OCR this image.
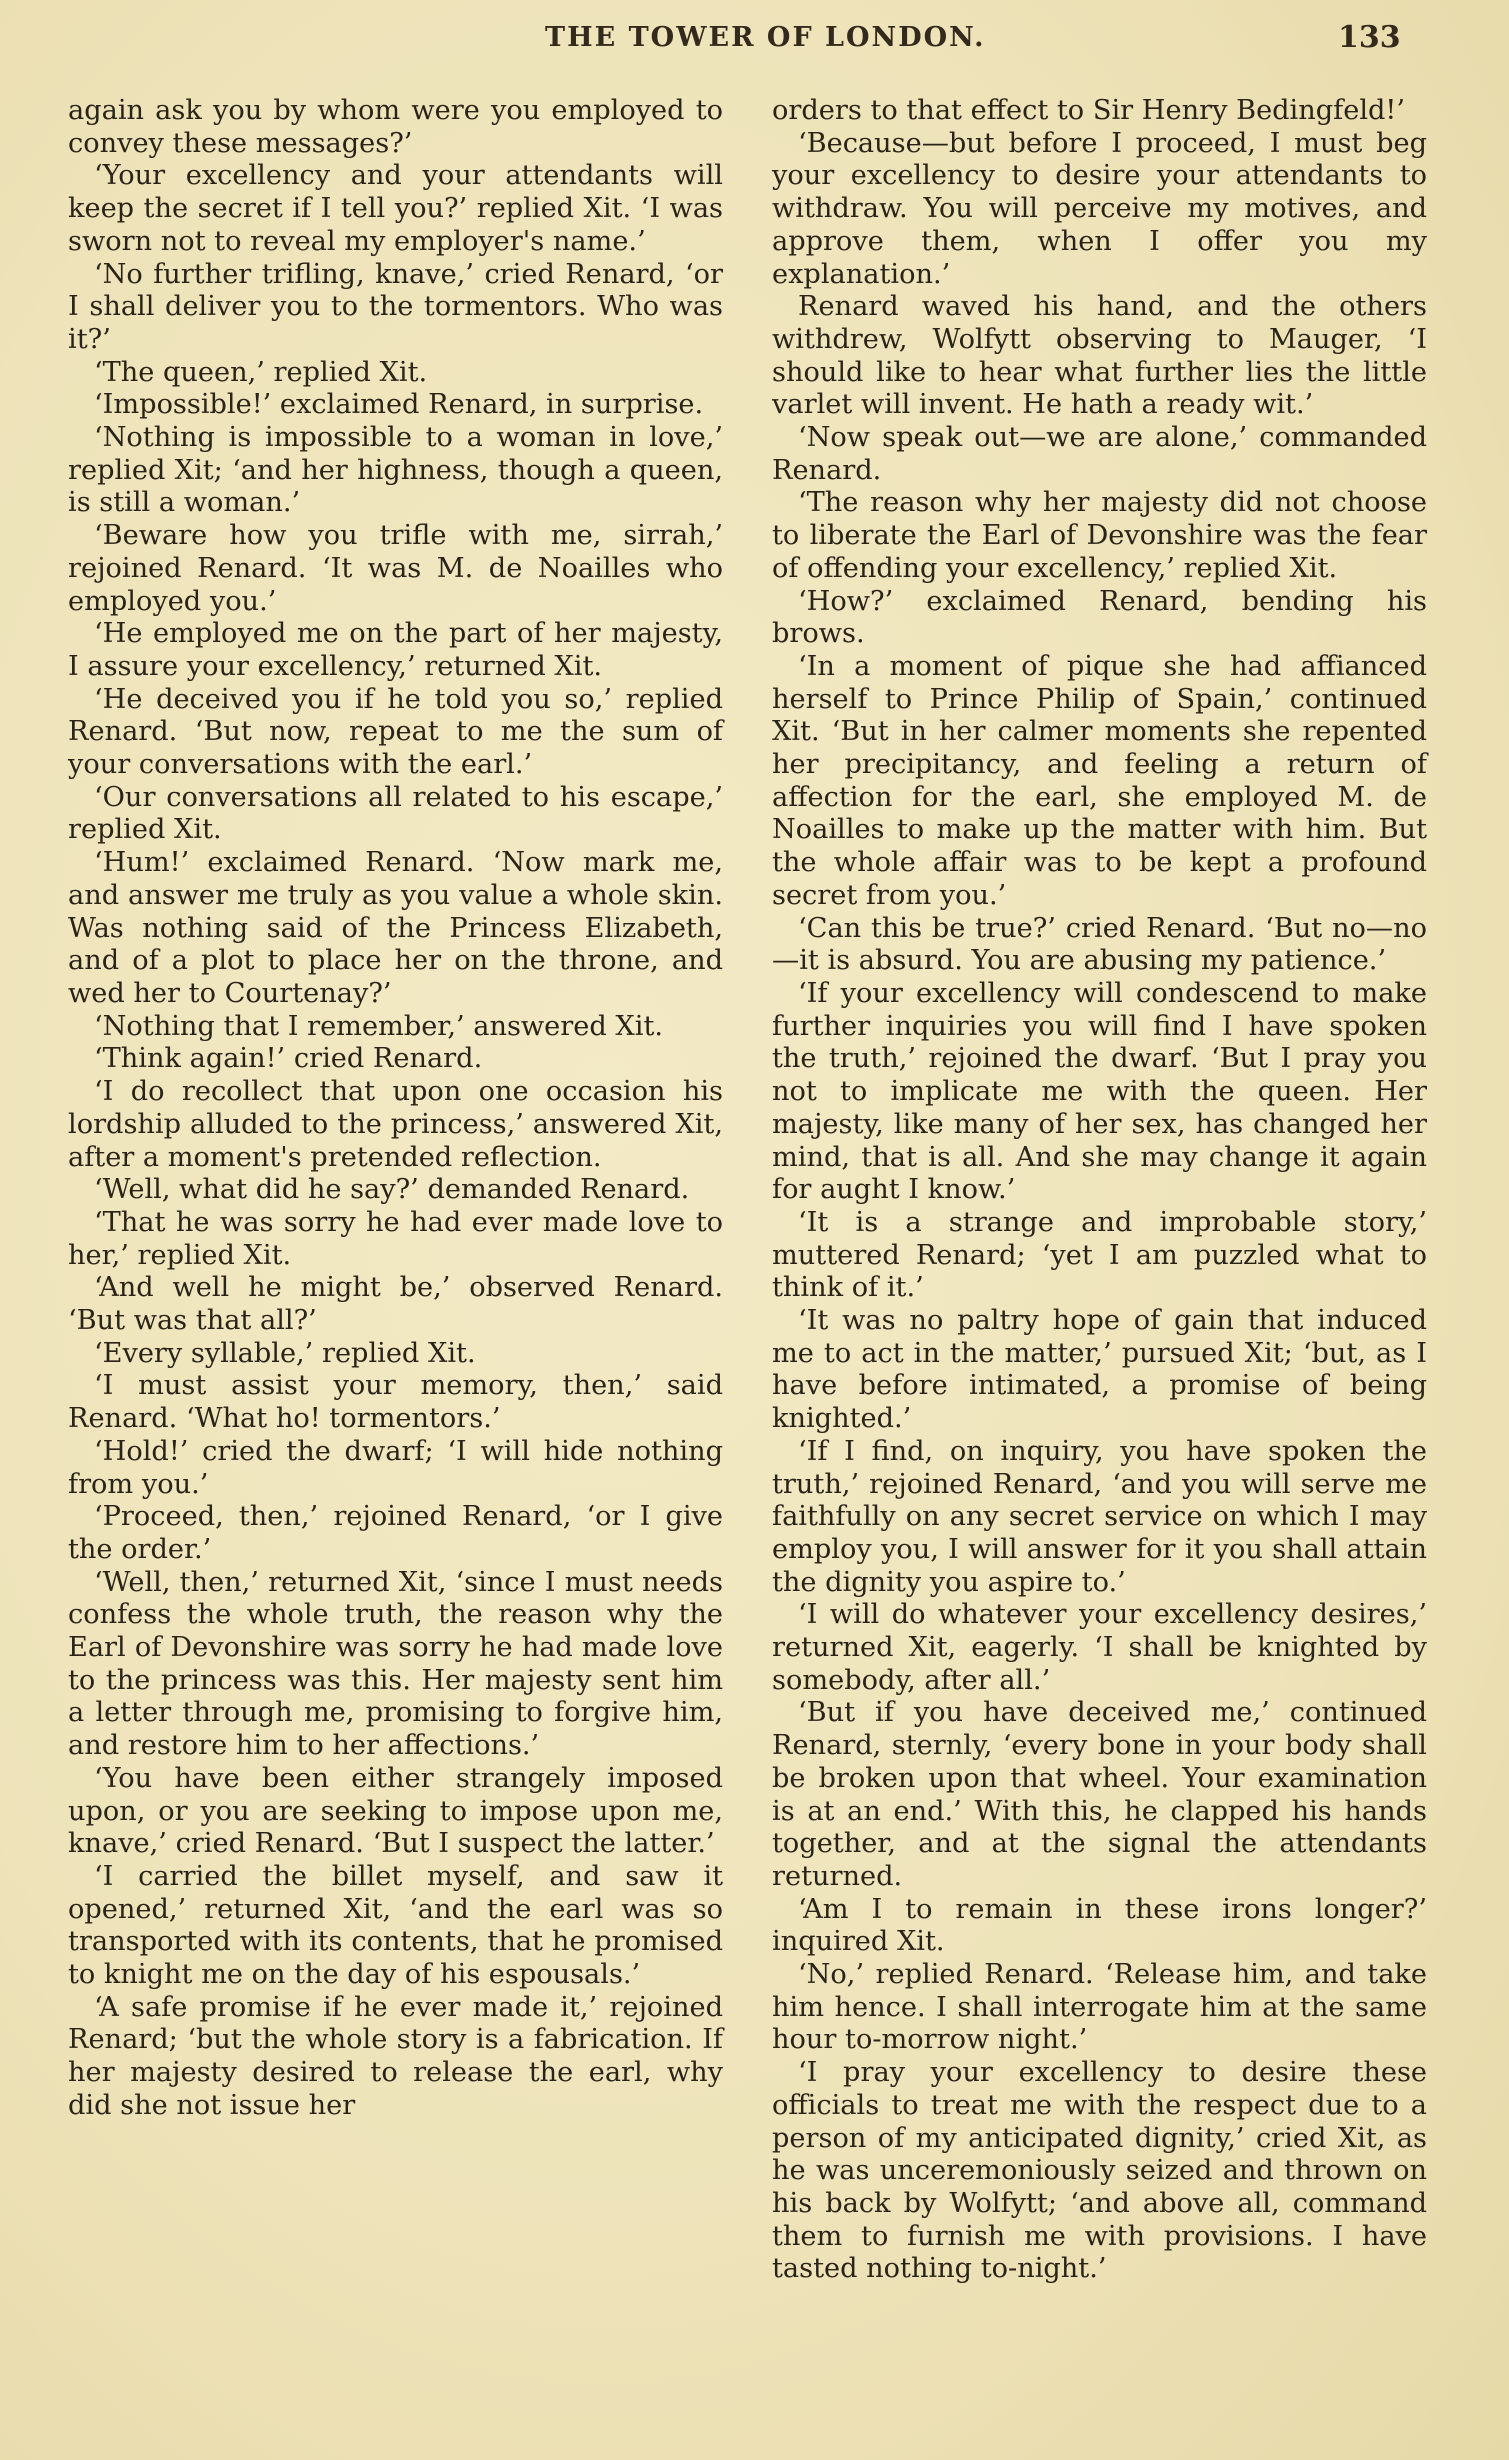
THE TOWER OF LONDON.	133

again ask you by whom were you employed to convey these messages?’

‘Your excellency and your attendants will keep the secret if I tell you?’ replied Xit. ‘I was sworn not to reveal my employer's name.’

‘No further trifling, knave,’ cried Renard, ‘or I shall deliver you to the tormentors. Who was it?’

‘The queen,’ replied Xit.

‘Impossible!’ exclaimed Renard, in surprise.

‘Nothing is impossible to a woman in love,’ replied Xit; ‘and her highness, though a queen, is still a woman.’

‘Beware how you trifle with me, sirrah,’ rejoined Renard. ‘It was M. de Noailles who employed you.’

‘He employed me on the part of her majesty, I assure your excellency,’ returned Xit.

‘He deceived you if he told you so,’ replied Renard. ‘But now, repeat to me the sum of your conversations with the earl.’

‘Our conversations all related to his escape,’ replied Xit.

‘Hum!’ exclaimed Renard. ‘Now mark me, and answer me truly as you value a whole skin. Was nothing said of the Princess Elizabeth, and of a plot to place her on the throne, and wed her to Courtenay?’

‘Nothing that I remember,’ answered Xit.

‘Think again!’ cried Renard.

‘I do recollect that upon one occasion his lordship alluded to the princess,’ answered Xit, after a moment's pretended reflection.

‘Well, what did he say?’ demanded Renard.

‘That he was sorry he had ever made love to her,’ replied Xit.

‘And well he might be,’ observed Renard. ‘But was that all?’

‘Every syllable,’ replied Xit.

‘I must assist your memory, then,’ said Renard. ‘What ho! tormentors.’

‘Hold!’ cried the dwarf; ‘I will hide nothing from you.’

‘Proceed, then,’ rejoined Renard, ‘or I give the order.’

‘Well, then,’ returned Xit, ‘since I must needs confess the whole truth, the reason why the Earl of Devonshire was sorry he had made love to the princess was this. Her majesty sent him a letter through me, promising to forgive him, and restore him to her affections.’

‘You have been either strangely imposed upon, or you are seeking to impose upon me, knave,’ cried Renard. ‘But I suspect the latter.’

‘I carried the billet myself, and saw it opened,’ returned Xit, ‘and the earl was so transported with its contents, that he promised to knight me on the day of his espousals.’

‘A safe promise if he ever made it,’ rejoined Renard; ‘but the whole story is a fabrication. If her majesty desired to release the earl, why did she not issue her

orders to that effect to Sir Henry Bedingfeld!’

‘Because—but before I proceed, I must beg your excellency to desire your attendants to withdraw. You will perceive my motives, and approve them, when I offer you my explanation.’

Renard waved his hand, and the others withdrew, Wolfytt observing to Mauger, ‘I should like to hear what further lies the little varlet will invent. He hath a ready wit.’

‘Now speak out—we are alone,’ commanded Renard.

‘The reason why her majesty did not choose to liberate the Earl of Devonshire was the fear of offending your excellency,’ replied Xit.

‘How?’ exclaimed Renard, bending his brows.

‘In a moment of pique she had affianced herself to Prince Philip of Spain,’ continued Xit. ‘But in her calmer moments she repented her precipitancy, and feeling a return of affection for the earl, she employed M. de Noailles to make up the matter with him. But the whole affair was to be kept a profound secret from you.’

‘Can this be true?’ cried Renard. ‘But no—no—it is absurd. You are abusing my patience.’

‘If your excellency will condescend to make further inquiries you will find I have spoken the truth,’ rejoined the dwarf. ‘But I pray you not to implicate me with the queen. Her majesty, like many of her sex, has changed her mind, that is all. And she may change it again for aught I know.’

‘It is a strange and improbable story,’ muttered Renard; ‘yet I am puzzled what to think of it.’

‘It was no paltry hope of gain that induced me to act in the matter,’ pursued Xit; ‘but, as I have before intimated, a promise of being knighted.’

‘If I find, on inquiry, you have spoken the truth,’ rejoined Renard, ‘and you will serve me faithfully on any secret service on which I may employ you, I will answer for it you shall attain the dignity you aspire to.’

‘I will do whatever your excellency desires,’ returned Xit, eagerly. ‘I shall be knighted by somebody, after all.’

‘But if you have deceived me,’ continued Renard, sternly, ‘every bone in your body shall be broken upon that wheel. Your examination is at an end.’ With this, he clapped his hands together, and at the signal the attendants returned.

‘Am I to remain in these irons longer?’ inquired Xit.

‘No,’ replied Renard. ‘Release him, and take him hence. I shall interrogate him at the same hour to-morrow night.’

‘I pray your excellency to desire these officials to treat me with the respect due to a person of my anticipated dignity,’ cried Xit, as he was unceremoniously seized and thrown on his back by Wolfytt; ‘and above all, command them to furnish me with provisions. I have tasted nothing to-night.’
